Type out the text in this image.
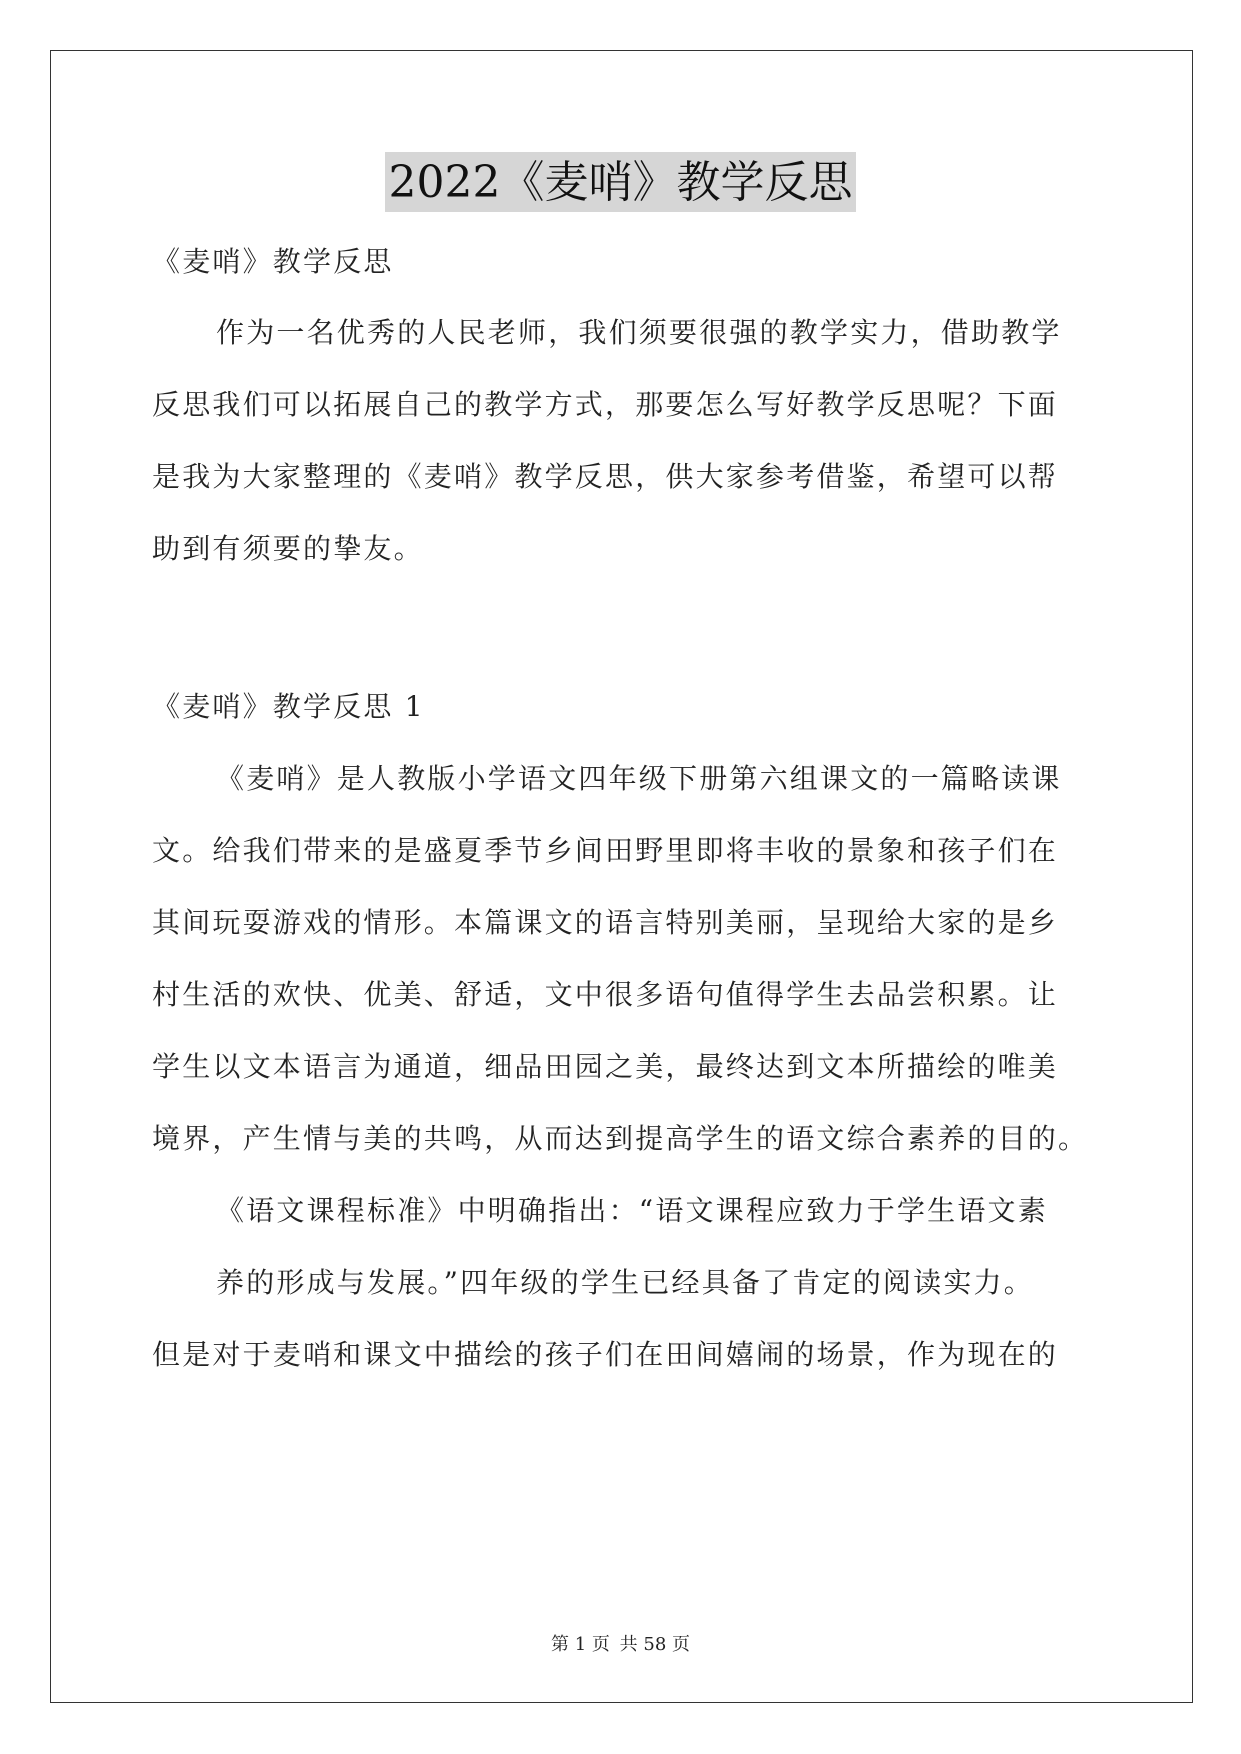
2022《麦哨》教学反思

《麦哨》教学反思

作为一名优秀的人民老师，我们须要很强的教学实力，借助教学

反思我们可以拓展自己的教学方式，那要怎么写好教学反思呢？下面

是我为大家整理的《麦哨》教学反思，供大家参考借鉴，希望可以帮

助到有须要的挚友。

《麦哨》教学反思 1

《麦哨》是人教版小学语文四年级下册第六组课文的一篇略读课

文。给我们带来的是盛夏季节乡间田野里即将丰收的景象和孩子们在

其间玩耍游戏的情形。本篇课文的语言特别美丽，呈现给大家的是乡

村生活的欢快、优美、舒适，文中很多语句值得学生去品尝积累。让

学生以文本语言为通道，细品田园之美，最终达到文本所描绘的唯美

境界，产生情与美的共鸣，从而达到提高学生的语文综合素养的目的。

《语文课程标准》中明确指出：“语文课程应致力于学生语文素

养的形成与发展。”四年级的学生已经具备了肯定的阅读实力。

但是对于麦哨和课文中描绘的孩子们在田间嬉闹的场景，作为现在的

第 1 页 共 58 页
